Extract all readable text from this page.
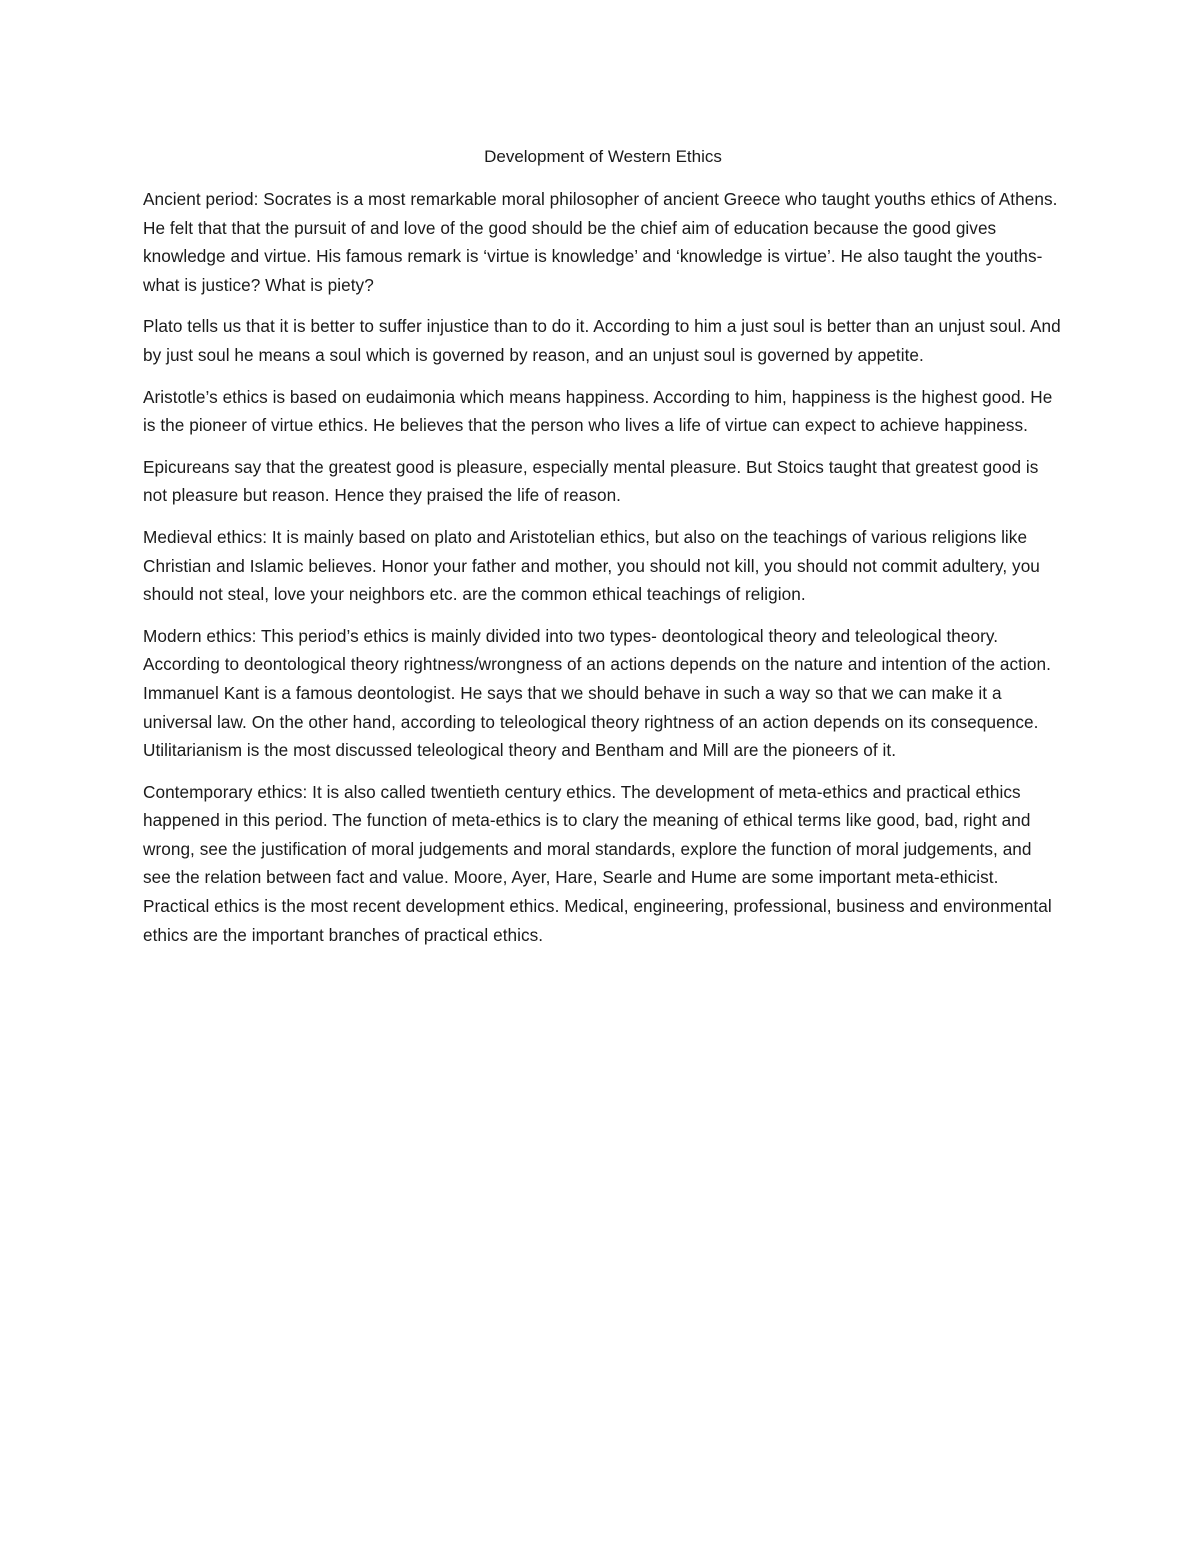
Development of Western Ethics

Ancient period: Socrates is a most remarkable moral philosopher of ancient Greece who taught youths ethics of Athens. He felt that that the pursuit of and love of the good should be the chief aim of education because the good gives knowledge and virtue. His famous remark is ‘virtue is knowledge’ and ‘knowledge is virtue’. He also taught the youths- what is justice? What is piety?

Plato tells us that it is better to suffer injustice than to do it. According to him a just soul is better than an unjust soul. And by just soul he means a soul which is governed by reason, and an unjust soul is governed by appetite.

Aristotle’s ethics is based on eudaimonia which means happiness. According to him, happiness is the highest good. He is the pioneer of virtue ethics. He believes that the person who lives a life of virtue can expect to achieve happiness.

Epicureans say that the greatest good is pleasure, especially mental pleasure. But Stoics taught that greatest good is not pleasure but reason. Hence they praised the life of reason.

Medieval ethics: It is mainly based on plato and Aristotelian ethics, but also on the teachings of various religions like Christian and Islamic believes. Honor your father and mother, you should not kill, you should not commit adultery, you should not steal, love your neighbors etc. are the common ethical teachings of religion.

Modern ethics: This period’s ethics is mainly divided into two types- deontological theory and teleological theory. According to deontological theory rightness/wrongness of an actions depends on the nature and intention of the action. Immanuel Kant is a famous deontologist. He says that we should behave in such a way so that we can make it a universal law. On the other hand, according to teleological theory rightness of an action depends on its consequence. Utilitarianism is the most discussed teleological theory and Bentham and Mill are the pioneers of it.

Contemporary ethics: It is also called twentieth century ethics. The development of meta-ethics and practical ethics happened in this period. The function of meta-ethics is to clary the meaning of ethical terms like good, bad, right and wrong, see the justification of moral judgements and moral standards, explore the function of moral judgements, and see the relation between fact and value. Moore, Ayer, Hare, Searle and Hume are some important meta-ethicist. Practical ethics is the most recent development ethics. Medical, engineering, professional, business and environmental ethics are the important branches of practical ethics.
